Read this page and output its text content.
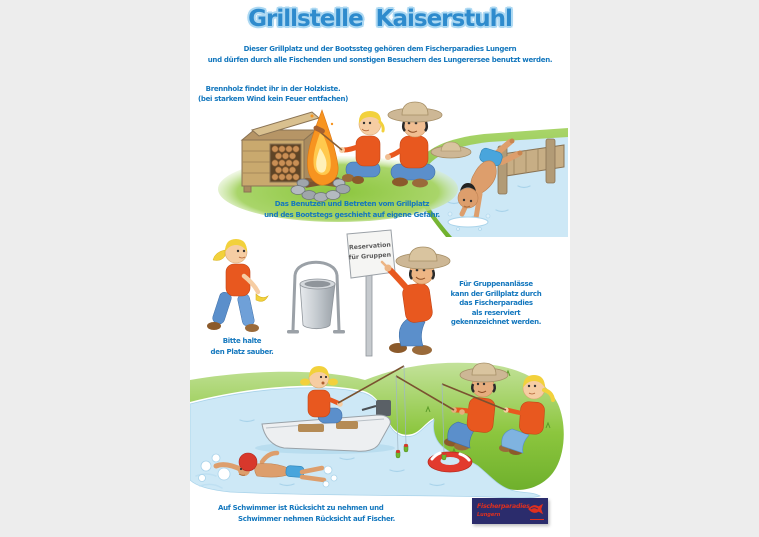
Grillstelle Kaiserstuhl
Dieser Grillplatz und der Bootssteg gehören dem Fischerparadies Lungern
und dürfen durch alle Fischenden und sonstigen Besuchern des Lungerersee benutzt werden.
Brennholz findet ihr in der Holzkiste.
(bei starkem Wind kein Feuer entfachen)
Das Benutzen und Betreten vom Grillplatz
und des Bootstegs geschieht auf eigene Gefahr.
Reservation
für Gruppen
Für Gruppenanlässe
kann der Grillplatz durch
das Fischerparadies
als reserviert
gekennzeichnet werden.
Bitte halte
den Platz sauber.
Auf Schwimmer ist Rücksicht zu nehmen und
Schwimmer nehmen Rücksicht auf Fischer.
Fischerparadies
Lungern
